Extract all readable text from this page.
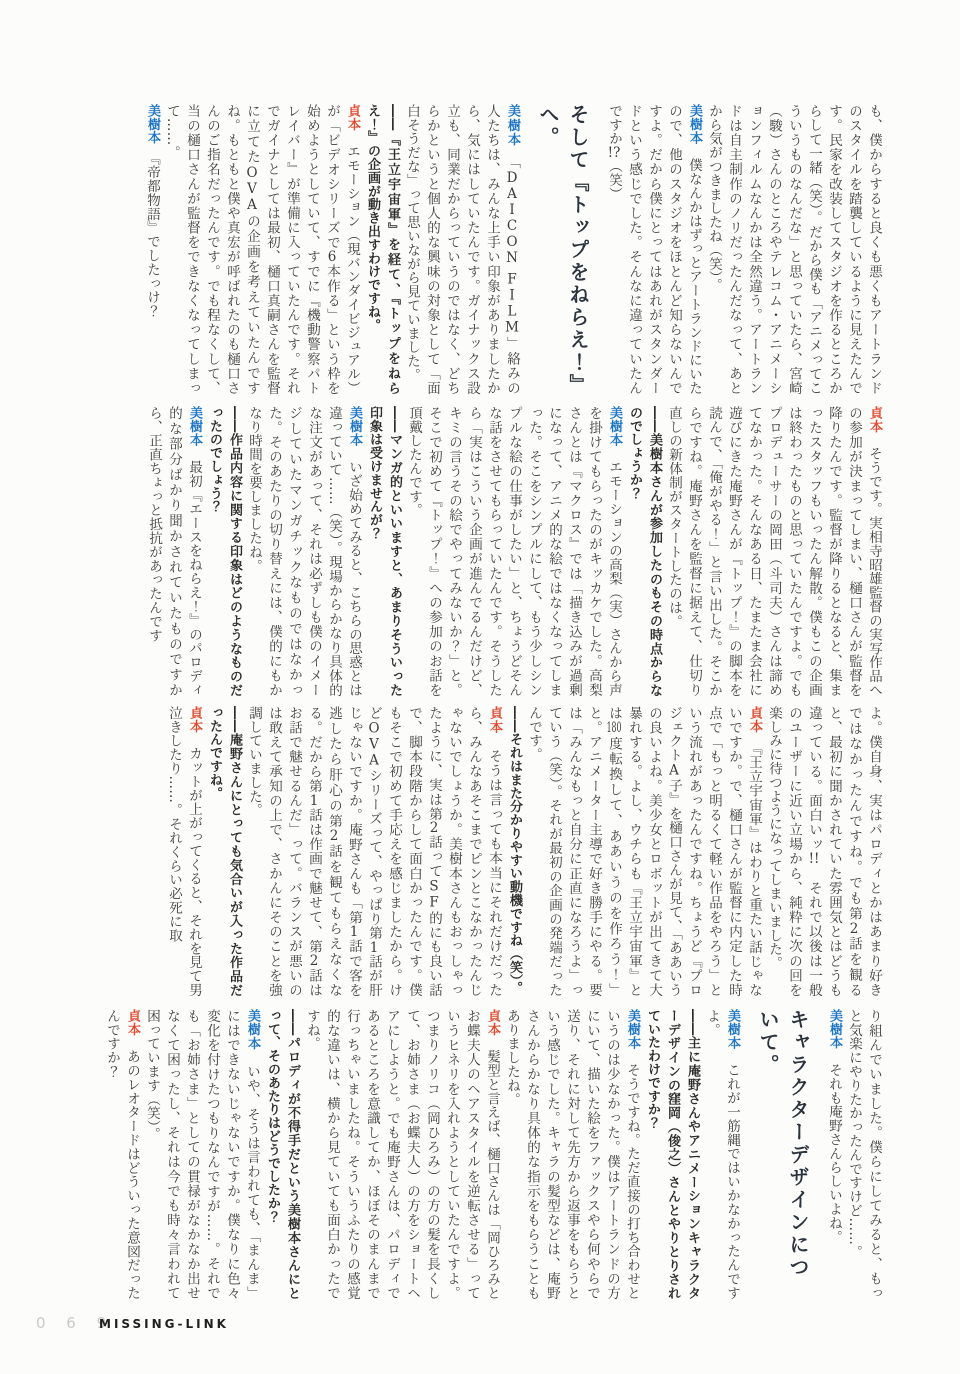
も、僕からすると良くも悪くもアートランドのスタイルを踏襲しているように見えたんです。民家を改装してスタジオを作るところからして一緒（笑）。だから僕も「アニメってこういうものなんだな」と思っていたら、宮崎（駿）さんのところやテレコム・アニメーションフィルムなんかは全然違う。アートランドは自主制作のノリだったんだなって、あとから気がつきましたね（笑）。

美樹本　僕なんかはずっとアートランドにいたので、他のスタジオをほとんど知らないんですよ。だから僕にとってはあれがスタンダードという感じでした。そんなに違っていたんですか!?（笑）

そして『トップをねらえ！』へ。

美樹本　「DAICON FILM」絡みの人たちは、みんな上手い印象がありましたから、気にはしていたんです。ガイナックス設立も、同業だからっていうのではなく、どちらかというと個人的な興味の対象として「面白そうだな」って思いながら見ていました。

――『王立宇宙軍』を経て、『トップをねらえ！』の企画が動き出すわけですね。

貞本　エモーション（現バンダイビジュアル）が「ビデオシリーズで6本作る」という枠を始めようとしていて、すでに『機動警察パトレイバー』が準備に入っていたんです。それでガイナとしては最初、樋口真嗣さんを監督に立てたOVAの企画を考えていたんですね。もともと僕や真宏が呼ばれたのも樋口さんのご指名だったんです。でも程なくして、当の樋口さんが監督をできなくなってしまって……。

美樹本　『帝都物語』でしたっけ？

貞本　そうです。実相寺昭雄監督の実写作品への参加が決まってしまい、樋口さんが監督を降りたんです。監督が降りるとなると、集まったスタッフもいったん解散。僕もこの企画は終わったものと思っていたんですよ。でもプロデューサーの岡田（斗司夫）さんは諦めてなかった。そんなある日、たまたま会社に遊びにきた庵野さんが『トップ！』の脚本を読んで、「俺がやる！」と言い出した。そこからですね。庵野さんを監督に据えて、仕切り直しの新体制がスタートしたのは。

――美樹本さんが参加したのもその時点からなのでしょうか？

美樹本　エモーションの高梨（実）さんから声を掛けてもらったのがキッカケでした。高梨さんとは『マクロス』では「描き込みが過剰になって、アニメ的な絵ではなくなってしまった。そこをシンプルにして、もう少しシンプルな絵の仕事がしたい」と、ちょうどそんな話をさせてもらっていたんです。そうしたら「実はこういう企画が進んでるんだけど、キミの言うその絵でやってみないか？」と。そこで初めて『トップ！』への参加のお話を頂戴したんです。

――マンガ的といいますと、あまりそういった印象は受けませんが？

美樹本　いざ始めてみると、こちらの思惑とは違っていて……（笑）。現場からかなり具体的な注文があって、それは必ずしも僕のイメージしていたマンガチックなものではなかった。そのあたりの切り替えには、僕的にもかなり時間を要しましたね。

――作品内容に関する印象はどのようなものだったのでしょう？

美樹本　最初『エースをねらえ！』のパロディ的な部分ばかり聞かされていたものですから、正直ちょっと抵抗があったんです

よ。僕自身、実はパロディとかはあまり好きではなかったんですね。でも第2話を観ると、最初に聞かされていた雰囲気とはどうも違っている。面白いッ!!　それで以後は一般のユーザーに近い立場から、純粋に次の回を楽しみに待つようになってしまいました。

貞本　『王立宇宙軍』はわりと重たい話じゃないですか。で、樋口さんが監督に内定した時点で「もっと明るくて軽い作品をやろう」という流れがあったんですね。ちょうど『プロジェクトA子』を樋口さんが見て、「ああいうの良いよね。美少女とロボットが出てきて大暴れする。よし、ウチらも『王立宇宙軍』とは180度転換して、ああいうのを作ろう！」と。アニメーター主導で好き勝手にやる。要は「みんなもっと自分に正直になろうよ」っていう（笑）。それが最初の企画の発端だったんです。

――それはまた分かりやすい動機ですね（笑）。

貞本　そうは言っても本当にそれだけだったら、みんなあそこまでピンとこなかったんじゃないでしょうか。美樹本さんもおっしゃったように、実は第2話ってSF的にも良い話で、脚本段階からして面白かったんです。僕もそこで初めて手応えを感じましたから。けどOVAシリーズって、やっぱり第1話が肝じゃないですか。庵野さんも「第1話で客を逃したら肝心の第2話を観てもらえなくなる。だから第1話は作画で魅せて、第2話はお話で魅せるんだ」って。バランスが悪いのは敢えて承知の上で、さかんにそのことを強調していました。

――庵野さんにとっても気合いが入った作品だったんですね。

貞本　カットが上がってくると、それを見て男泣きしたり……。それくらい必死に取

り組んでいました。僕らにしてみると、もっと気楽にやりたかったんですけど……。

美樹本　それも庵野さんらしいよね。

キャラクターデザインについて。

美樹本　これが一筋縄ではいかなかったんですよ。

――主に庵野さんやアニメーションキャラクターデザインの窪岡（俊之）さんとやりとりされていたわけですか？

美樹本　そうですね。ただ直接の打ち合わせというのは少なかった。僕はアートランドの方にいて、描いた絵をファックスやら何やらで送り、それに対して先方から返事をもらうという感じでした。キャラの髪型などは、庵野さんからかなり具体的な指示をもらうこともありましたね。

貞本　髪型と言えば、樋口さんは「岡ひろみとお蝶夫人のヘアスタイルを逆転させる」っていうヒネリを入れようとしていたんですよ。つまりノリコ（岡ひろみ）の方の髪を長くして、お姉さま（お蝶夫人）の方をショートヘアにしようと。でも庵野さんは、パロディであるところを意識してか、ほぼそのまんまで行っちゃいましたね。そういうふたりの感覚的な違いは、横から見ていても面白かったですね。

――パロディが不得手だという美樹本さんにとって、そのあたりはどうでしたか？

美樹本　いや、そうは言われても、「まんま」にはできないじゃないですか。僕なりに色々変化を付けたつもりなんですが……。それでも「お姉さま」としての貫禄がなかなか出せなくて困ったし、それは今でも時々言われて困っています（笑）。

貞本　あのレオタードはどういった意図だったんですか？

0 6 9
MISSING-LINK
